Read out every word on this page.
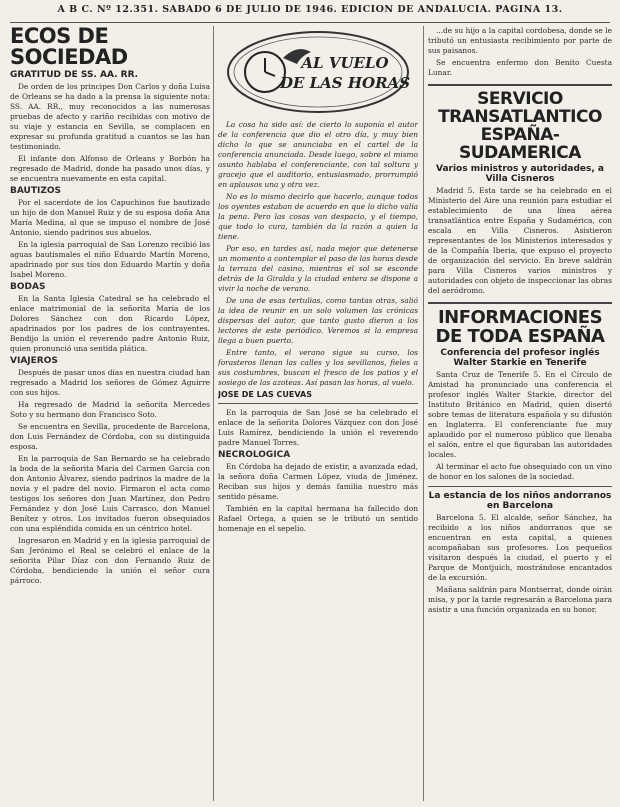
A B C. Nº 12.351. SABADO 6 DE JULIO DE 1946. EDICION DE ANDALUCIA. PAGINA 13.
ECOS DE SOCIEDAD
GRATITUD DE SS. AA. RR.

De orden de los principes Don Carlos y doña Luisa de Orleans se ha dado a la prensa la siguiente nota: SS. AA. RR., muy reconocidos a las numerosas pruebas de afecto y cariño recibidas con motivo de su viaje y estancia en Sevilla, se complacen en expresar su profunda gratitud a cuantos se las han testimoniado.

El infante don Alfonso de Orleans y Borbón ha regresado de Madrid, donde ha pasado unos días, y se encuentra nuevamente en esta capital.

BAUTIZOS

Por el sacerdote de los Capuchinos fue bautizado un hijo de don Manuel Ruiz y de su esposa doña Ana María Medina, al que se impuso el nombre de José Antonio, siendo padrinos sus abuelos.

En la iglesia parroquial de San Lorenzo recibió las aguas bautismales el niño Eduardo Martín Moreno, apadrinado por sus tíos don Eduardo Martín y doña Isabel Moreno.

BODAS

En la Santa Iglesia Catedral se ha celebrado el enlace matrimonial de la señorita María de los Dolores Sánchez con don Ricardo López, apadrinados por los padres de los contrayentes. Bendijo la unión el reverendo padre Antonio Ruiz, quien pronunció una sentida plática.

VIAJEROS

Después de pasar unos días en nuestra ciudad han regresado a Madrid los señores de Gómez Aguirre con sus hijos.

Ha regresado de Madrid la señorita Mercedes Soto y su hermano don Francisco Soto.

Se encuentra en Sevilla, procedente de Barcelona, don Luis Fernández de Córdoba, con su distinguida esposa.

En la parroquia de San Bernardo se ha celebrado la boda de la señorita María del Carmen García con don Antonio Álvarez, siendo padrinos la madre de la novia y el padre del novio. Firmaron el acta como testigos los señores don Juan Martínez, don Pedro Fernández y don José Luis Carrasco, don Manuel Benítez y otros. Los invitados fueron obsequiados con una espléndida comida en un céntrico hotel.

Ingresaron en Madrid y en la iglesia parroquial de San Jerónimo el Real se celebró el enlace de la señorita Pilar Díaz con don Fernando Ruiz de Córdoba, bendiciendo la unión el señor cura párroco.

AL VUELO
DE LAS HORAS

La cosa ha sido así: de cierto lo suponía el autor de la conferencia que dio el otro día, y muy bien dicho lo que se anunciaba en el cartel de la conferencia anunciada. Desde luego, sobre el mismo asunto hablaba el conferenciante, con tal soltura y gracejo que el auditorio, entusiasmado, prorrumpió en aplausos una y otra vez.

No es lo mismo decirlo que hacerlo, aunque todos los oyentes estaban de acuerdo en que lo dicho valía la pena. Pero las cosas van despacio, y el tiempo, que todo lo cura, también da la razón a quien la tiene.

Por eso, en tardes así, nada mejor que detenerse un momento a contemplar el paso de las horas desde la terraza del casino, mientras el sol se esconde detrás de la Giralda y la ciudad entera se dispone a vivir la noche de verano.

De una de esas tertulias, como tantas otras, salió la idea de reunir en un solo volumen las crónicas dispersas del autor, que tanto gusto dieron a los lectores de este periódico. Veremos si la empresa llega a buen puerto.

Entre tanto, el verano sigue su curso, los forasteros llenan las calles y los sevillanos, fieles a sus costumbres, buscan el fresco de los patios y el sosiego de las azoteas. Así pasan las horas, al vuelo.

JOSE DE LAS CUEVAS

En la parroquia de San José se ha celebrado el enlace de la señorita Dolores Vázquez con don José Luis Ramírez, bendiciendo la unión el reverendo padre Manuel Torres.

NECROLOGICA

En Córdoba ha dejado de existir, a avanzada edad, la señora doña Carmen López, viuda de Jiménez. Reciban sus hijos y demás familia nuestro más sentido pésame.

También en la capital hermana ha fallecido don Rafael Ortega, a quien se le tributó un sentido homenaje en el sepelio.

...de su hijo a la capital cordobesa, donde se le tributó un entusiasta recibimiento por parte de sus paisanos.

Se encuentra enfermo don Benito Cuesta Lunar.

SERVICIO TRANSATLANTICO ESPAÑA-SUDAMERICA
Varios ministros y autoridades, a Villa Cisneros

Madrid 5. Esta tarde se ha celebrado en el Ministerio del Aire una reunión para estudiar el establecimiento de una línea aérea transatlántica entre España y Sudamérica, con escala en Villa Cisneros. Asistieron representantes de los Ministerios interesados y de la Compañía Iberia, que expuso el proyecto de organización del servicio. En breve saldrán para Villa Cisneros varios ministros y autoridades con objeto de inspeccionar las obras del aeródromo.

INFORMACIONES DE TODA ESPAÑA
Conferencia del profesor inglés Walter Starkie en Tenerife

Santa Cruz de Tenerife 5. En el Círculo de Amistad ha pronunciado una conferencia el profesor inglés Walter Starkie, director del Instituto Británico en Madrid, quien disertó sobre temas de literatura española y su difusión en Inglaterra. El conferenciante fue muy aplaudido por el numeroso público que llenaba el salón, entre el que figuraban las autoridades locales.

Al terminar el acto fue obsequiado con un vino de honor en los salones de la sociedad.

La estancia de los niños andorranos en Barcelona

Barcelona 5. El alcalde, señor Sánchez, ha recibido a los niños andorranos que se encuentran en esta capital, a quienes acompañaban sus profesores. Los pequeños visitaron después la ciudad, el puerto y el Parque de Montjuich, mostrándose encantados de la excursión.

Mañana saldrán para Montserrat, donde oirán misa, y por la tarde regresarán a Barcelona para asistir a una función organizada en su honor.
